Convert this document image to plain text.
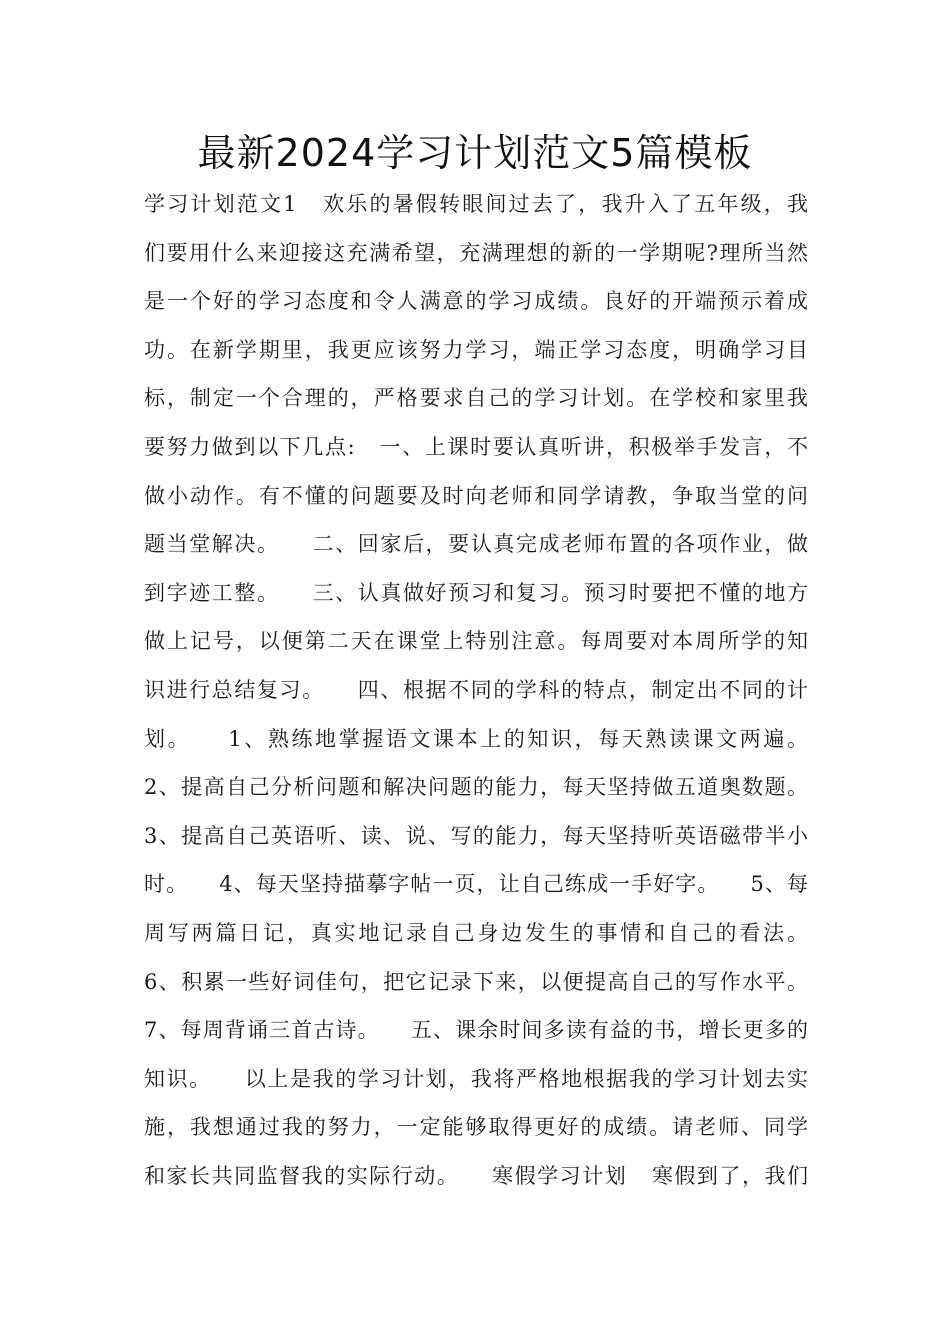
最新2024学习计划范文5篇模板
学习计划范文1   欢乐的暑假转眼间过去了，我升入了五年级，我
们要用什么来迎接这充满希望，充满理想的新的一学期呢?理所当然
是一个好的学习态度和令人满意的学习成绩。良好的开端预示着成
功。在新学期里，我更应该努力学习，端正学习态度，明确学习目
标，制定一个合理的，严格要求自己的学习计划。在学校和家里我
要努力做到以下几点:   一、上课时要认真听讲，积极举手发言，不
做小动作。有不懂的问题要及时向老师和同学请教，争取当堂的问
题当堂解决。    二、回家后，要认真完成老师布置的各项作业，做
到字迹工整。    三、认真做好预习和复习。预习时要把不懂的地方
做上记号，以便第二天在课堂上特别注意。每周要对本周所学的知
识进行总结复习。    四、根据不同的学科的特点，制定出不同的计
划。    1、熟练地掌握语文课本上的知识，每天熟读课文两遍。
2、提高自己分析问题和解决问题的能力，每天坚持做五道奥数题。
3、提高自己英语听、读、说、写的能力，每天坚持听英语磁带半小
时。    4、每天坚持描摹字帖一页，让自己练成一手好字。    5、每
周写两篇日记，真实地记录自己身边发生的事情和自己的看法。
6、积累一些好词佳句，把它记录下来，以便提高自己的写作水平。
7、每周背诵三首古诗。    五、课余时间多读有益的书，增长更多的
知识。    以上是我的学习计划，我将严格地根据我的学习计划去实
施，我想通过我的努力，一定能够取得更好的成绩。请老师、同学
和家长共同监督我的实际行动。    寒假学习计划   寒假到了，我们
